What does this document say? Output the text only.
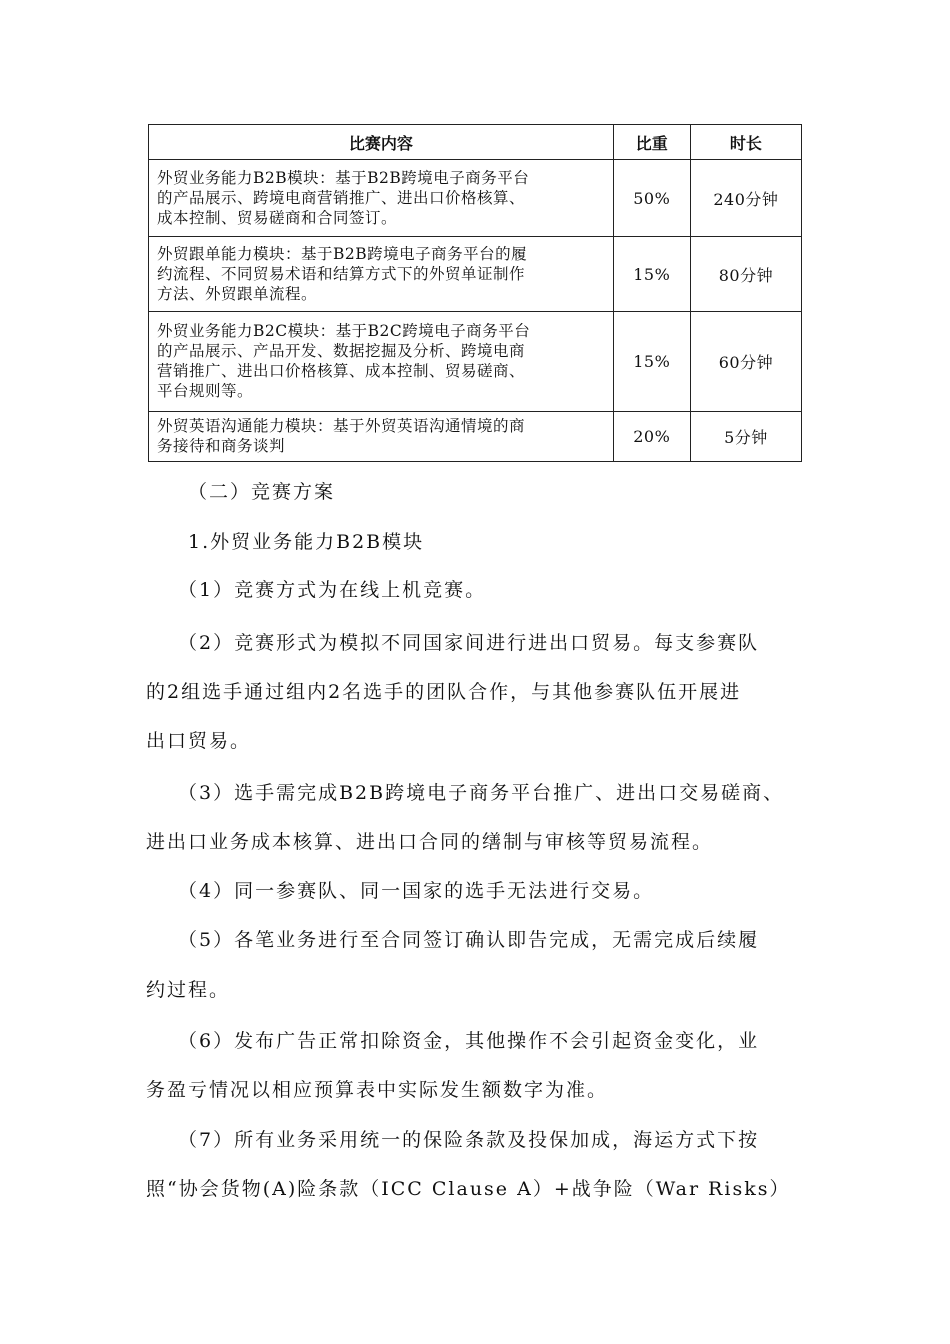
比赛内容	比重	时长

外贸业务能力B2B模块：基于B2B跨境电子商务平台
的产品展示、跨境电商营销推广、进出口价格核算、
成本控制、贸易磋商和合同签订。	50%	240分钟

外贸跟单能力模块：基于B2B跨境电子商务平台的履
约流程、不同贸易术语和结算方式下的外贸单证制作
方法、外贸跟单流程。	15%	80分钟

外贸业务能力B2C模块：基于B2C跨境电子商务平台
的产品展示、产品开发、数据挖掘及分析、跨境电商
营销推广、进出口价格核算、成本控制、贸易磋商、
平台规则等。	15%	60分钟

外贸英语沟通能力模块：基于外贸英语沟通情境的商
务接待和商务谈判	20%	5分钟
（二）竞赛方案
1.外贸业务能力B2B模块
（1）竞赛方式为在线上机竞赛。
（2）竞赛形式为模拟不同国家间进行进出口贸易。每支参赛队
的2组选手通过组内2名选手的团队合作，与其他参赛队伍开展进
出口贸易。
（3）选手需完成B2B跨境电子商务平台推广、进出口交易磋商、
进出口业务成本核算、进出口合同的缮制与审核等贸易流程。
（4）同一参赛队、同一国家的选手无法进行交易。
（5）各笔业务进行至合同签订确认即告完成，无需完成后续履
约过程。
（6）发布广告正常扣除资金，其他操作不会引起资金变化，业
务盈亏情况以相应预算表中实际发生额数字为准。
（7）所有业务采用统一的保险条款及投保加成，海运方式下按
照“协会货物(A)险条款（ICC Clause A）+战争险（War Risks）
